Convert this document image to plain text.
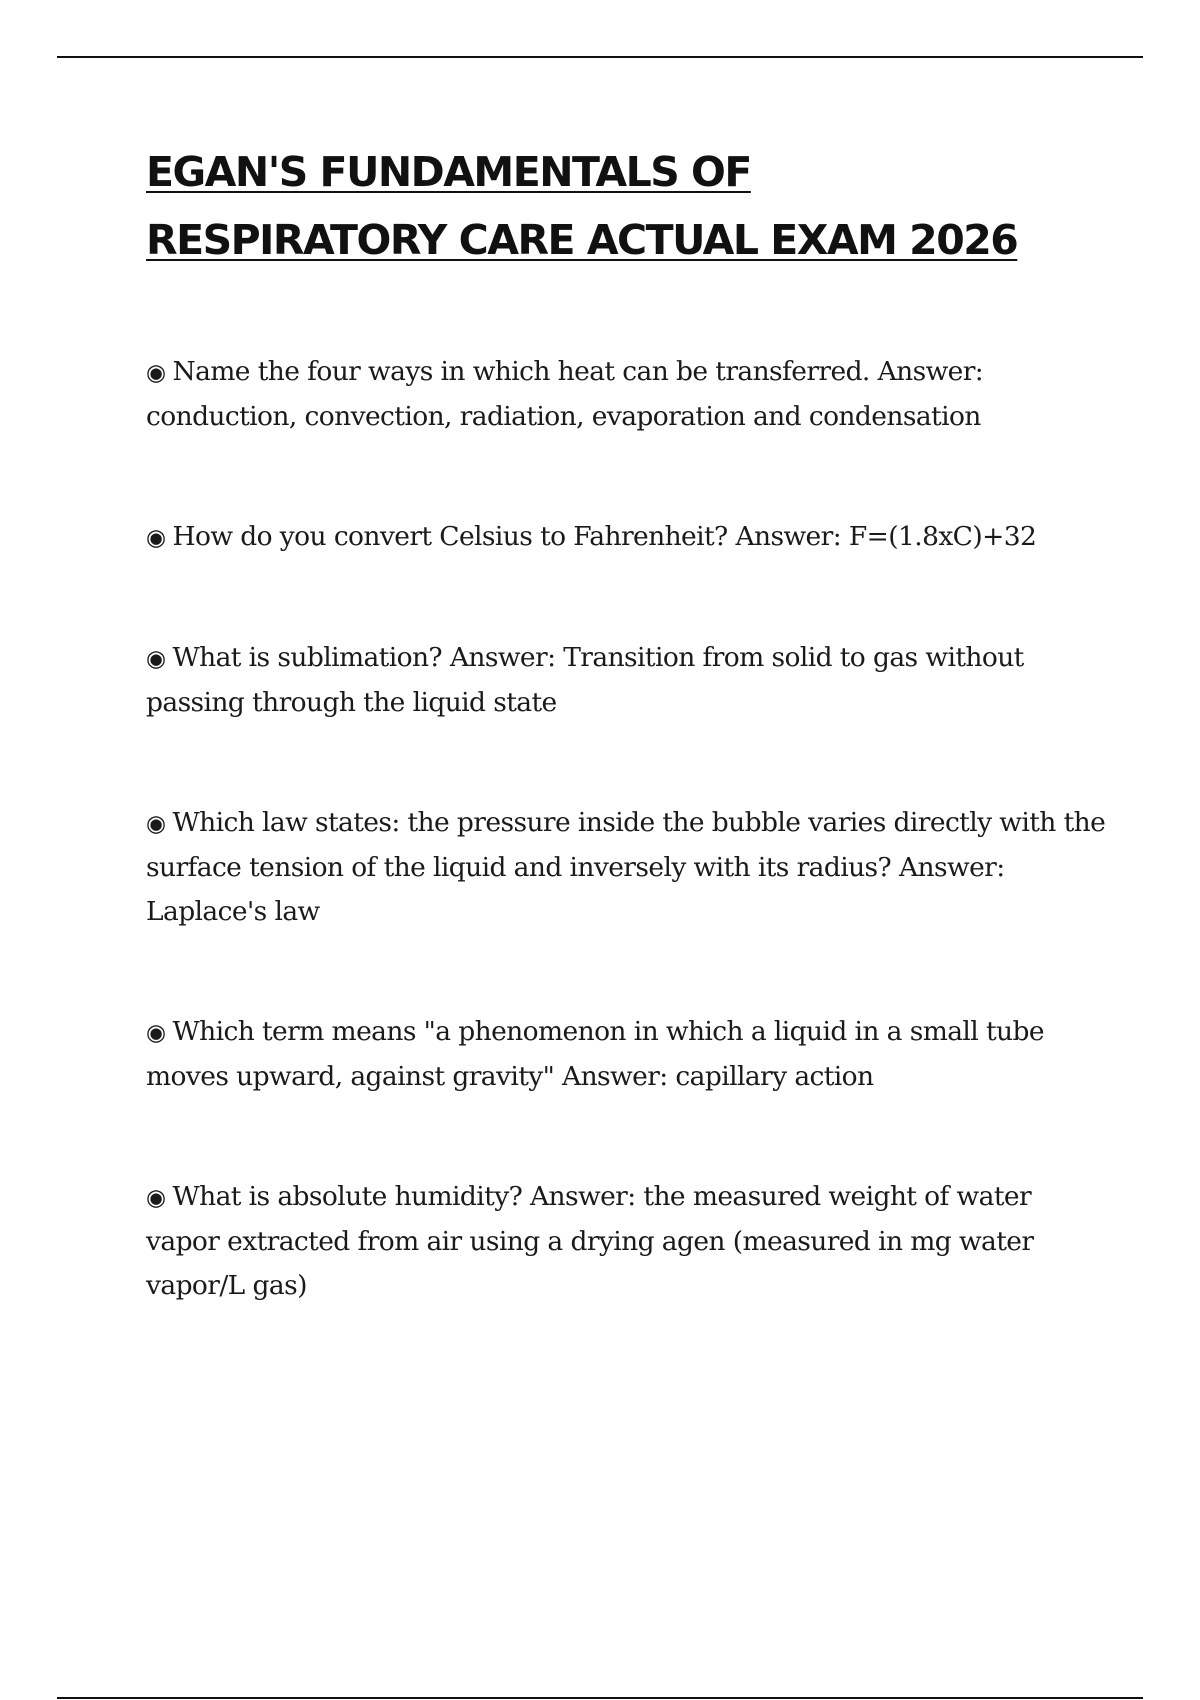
EGAN'S FUNDAMENTALS OF RESPIRATORY CARE ACTUAL EXAM 2026

◉ Name the four ways in which heat can be transferred. Answer: conduction, convection, radiation, evaporation and condensation

◉ How do you convert Celsius to Fahrenheit? Answer: F=(1.8xC)+32

◉ What is sublimation? Answer: Transition from solid to gas without passing through the liquid state

◉ Which law states: the pressure inside the bubble varies directly with the surface tension of the liquid and inversely with its radius? Answer: Laplace's law

◉ Which term means "a phenomenon in which a liquid in a small tube moves upward, against gravity" Answer: capillary action

◉ What is absolute humidity? Answer: the measured weight of water vapor extracted from air using a drying agen (measured in mg water vapor/L gas)
